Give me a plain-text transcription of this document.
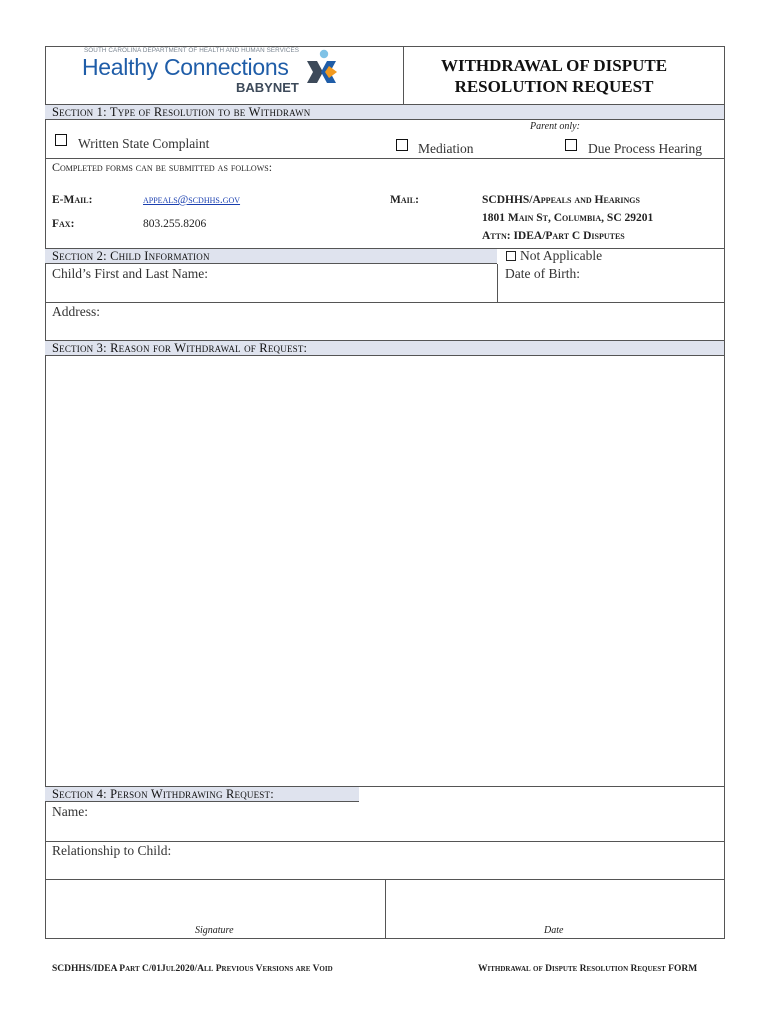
SOUTH CAROLINA DEPARTMENT OF HEALTH AND HUMAN SERVICES
Healthy Connections
BABYNET
WITHDRAWAL OF DISPUTE
RESOLUTION REQUEST
Section 1: Type of Resolution to be Withdrawn
Parent only:
Written State Complaint	Mediation	Due Process Hearing
Completed forms can be submitted as follows:
E-Mail:	appeals@scdhhs.gov
Fax:	803.255.8206
Mail:	SCDHHS/Appeals and Hearings
1801 Main St, Columbia, SC 29201
Attn: IDEA/Part C Disputes
Section 2: Child Information	Not Applicable
Child’s First and Last Name:	Date of Birth:
Address:
Section 3: Reason for Withdrawal of Request:
Section 4: Person Withdrawing Request:
Name:
Relationship to Child:
Signature	Date
SCDHHS/IDEA Part C/01Jul2020/All Previous Versions are Void	Withdrawal of Dispute Resolution Request FORM
